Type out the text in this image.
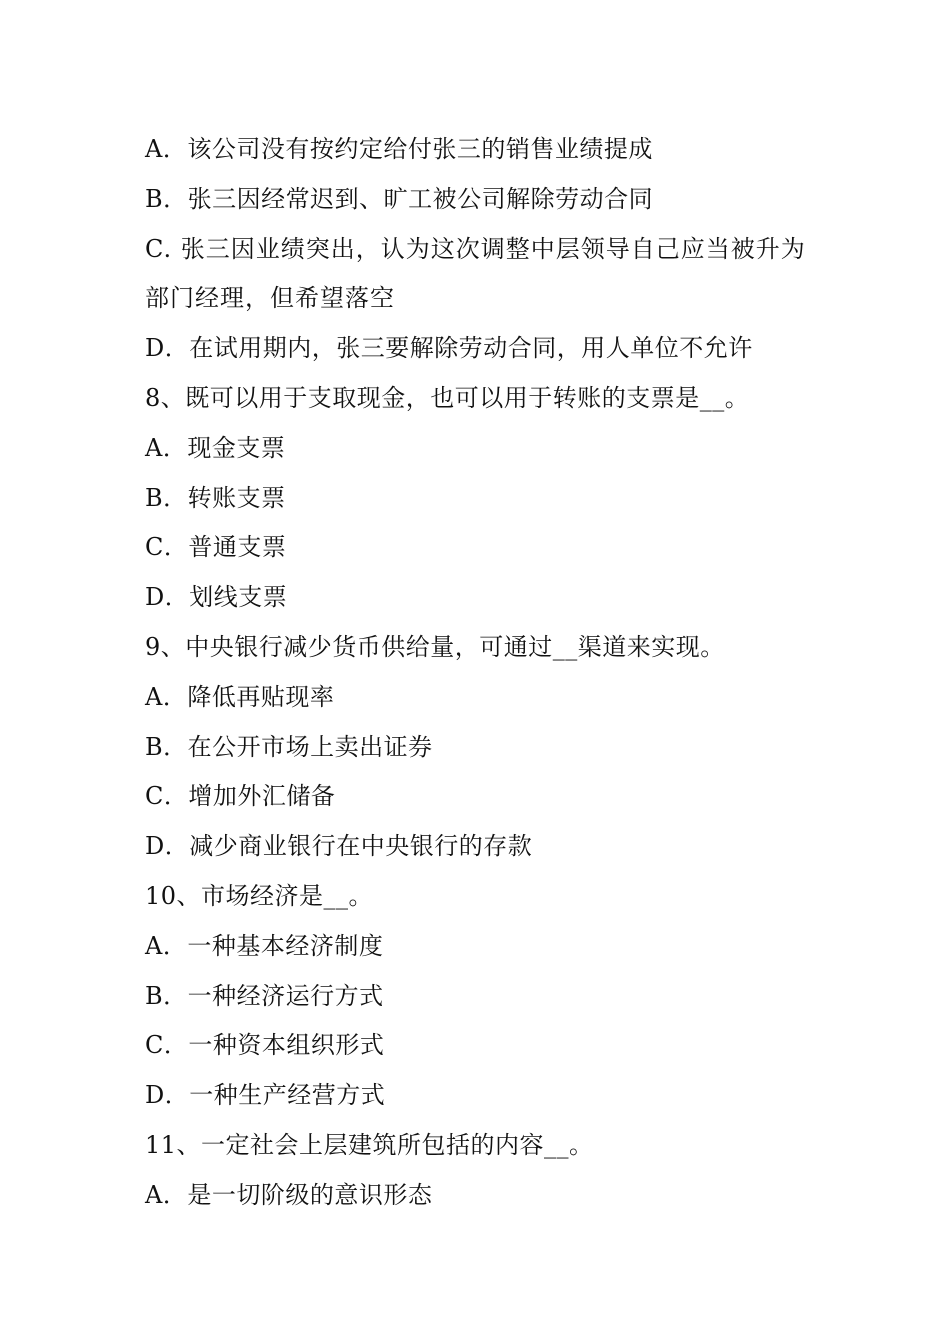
A．该公司没有按约定给付张三的销售业绩提成
B．张三因经常迟到、旷工被公司解除劳动合同
C. 张三因业绩突出，认为这次调整中层领导自己应当被升为部门经理，但希望落空
D．在试用期内，张三要解除劳动合同，用人单位不允许
8、既可以用于支取现金，也可以用于转账的支票是__。
A．现金支票
B．转账支票
C．普通支票
D．划线支票
9、中央银行减少货币供给量，可通过__渠道来实现。
A．降低再贴现率
B．在公开市场上卖出证券
C．增加外汇储备
D．减少商业银行在中央银行的存款
10、市场经济是__。
A．一种基本经济制度
B．一种经济运行方式
C．一种资本组织形式
D．一种生产经营方式
11、一定社会上层建筑所包括的内容__。
A．是一切阶级的意识形态
